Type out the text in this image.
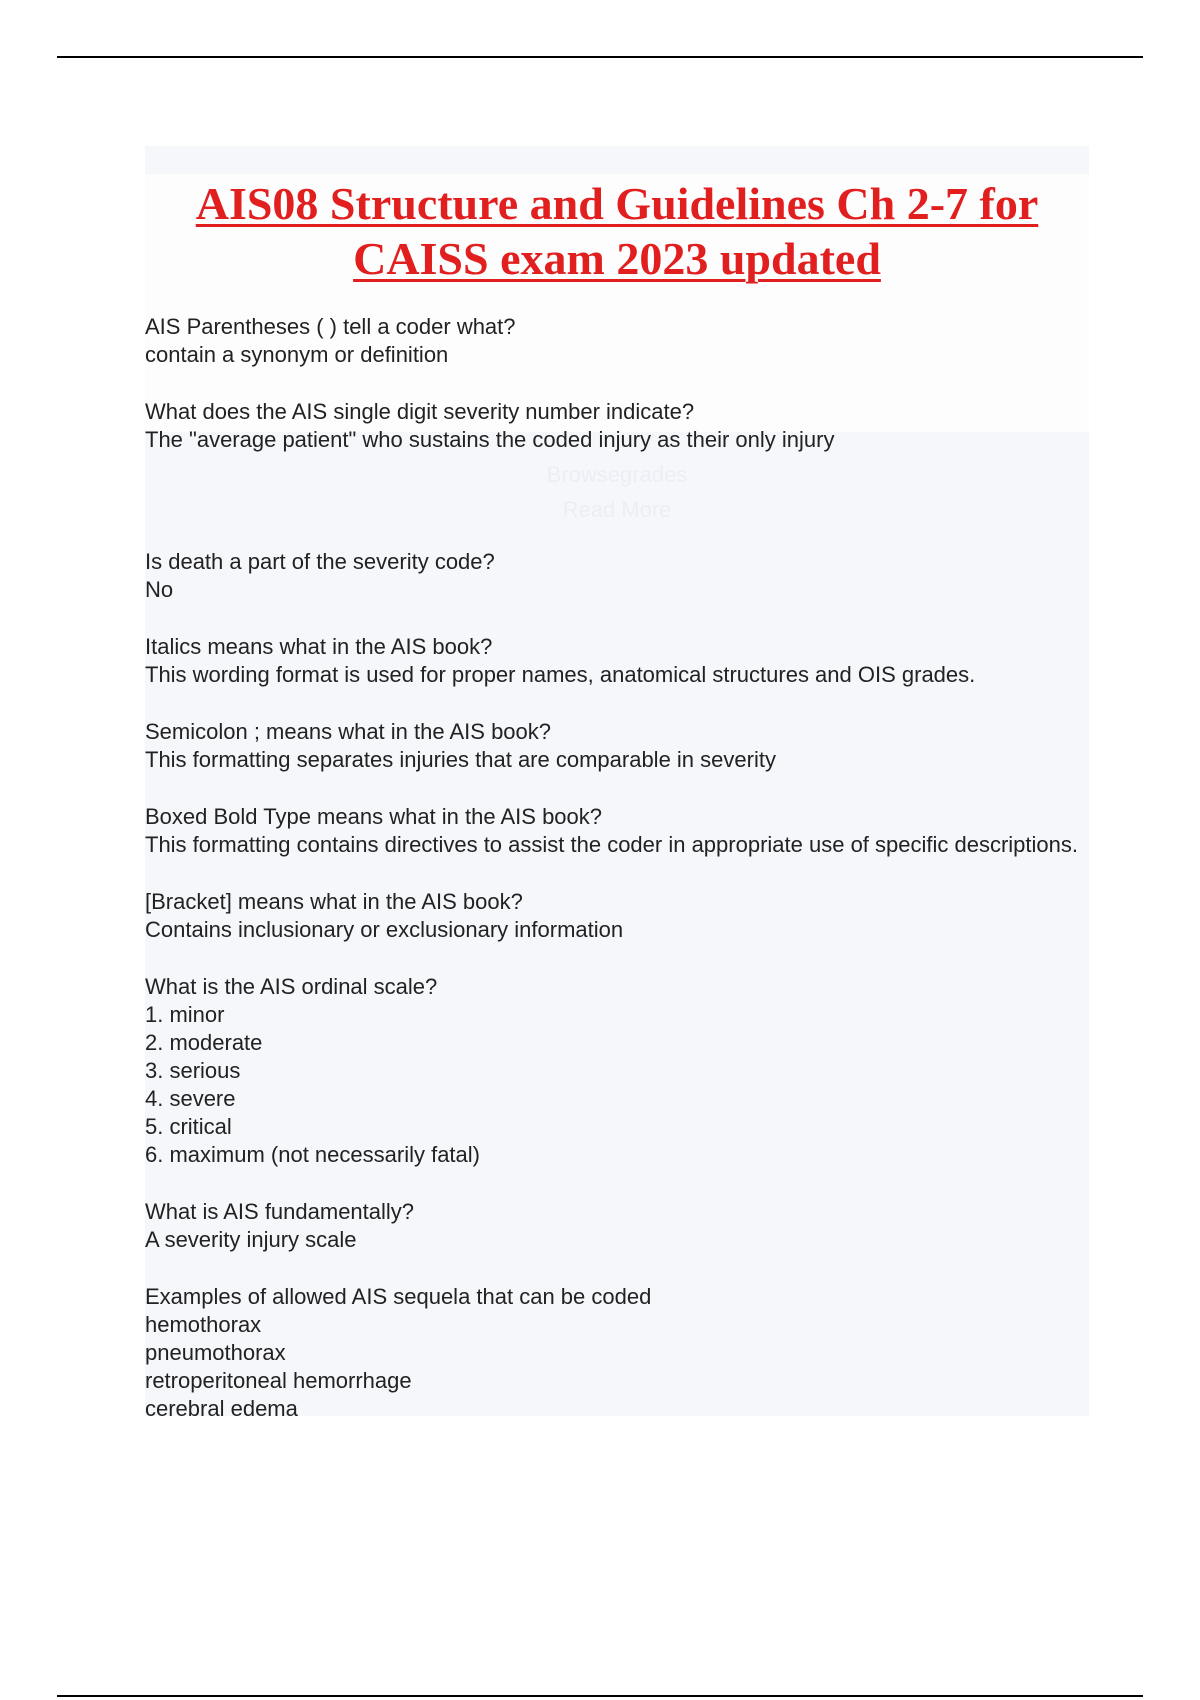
AIS08 Structure and Guidelines Ch 2-7 for CAISS exam 2023 updated
Browsegrades
Read More
AIS Parentheses ( ) tell a coder what?
contain a synonym or definition
What does the AIS single digit severity number indicate?
The "average patient" who sustains the coded injury as their only injury
Is death a part of the severity code?
No
Italics means what in the AIS book?
This wording format is used for proper names, anatomical structures and OIS grades.
Semicolon ; means what in the AIS book?
This formatting separates injuries that are comparable in severity
Boxed Bold Type means what in the AIS book?
This formatting contains directives to assist the coder in appropriate use of specific descriptions.
[Bracket] means what in the AIS book?
Contains inclusionary or exclusionary information
What is the AIS ordinal scale?
1. minor
2. moderate
3. serious
4. severe
5. critical
6. maximum (not necessarily fatal)
What is AIS fundamentally?
A severity injury scale
Examples of allowed AIS sequela that can be coded
hemothorax
pneumothorax
retroperitoneal hemorrhage
cerebral edema
